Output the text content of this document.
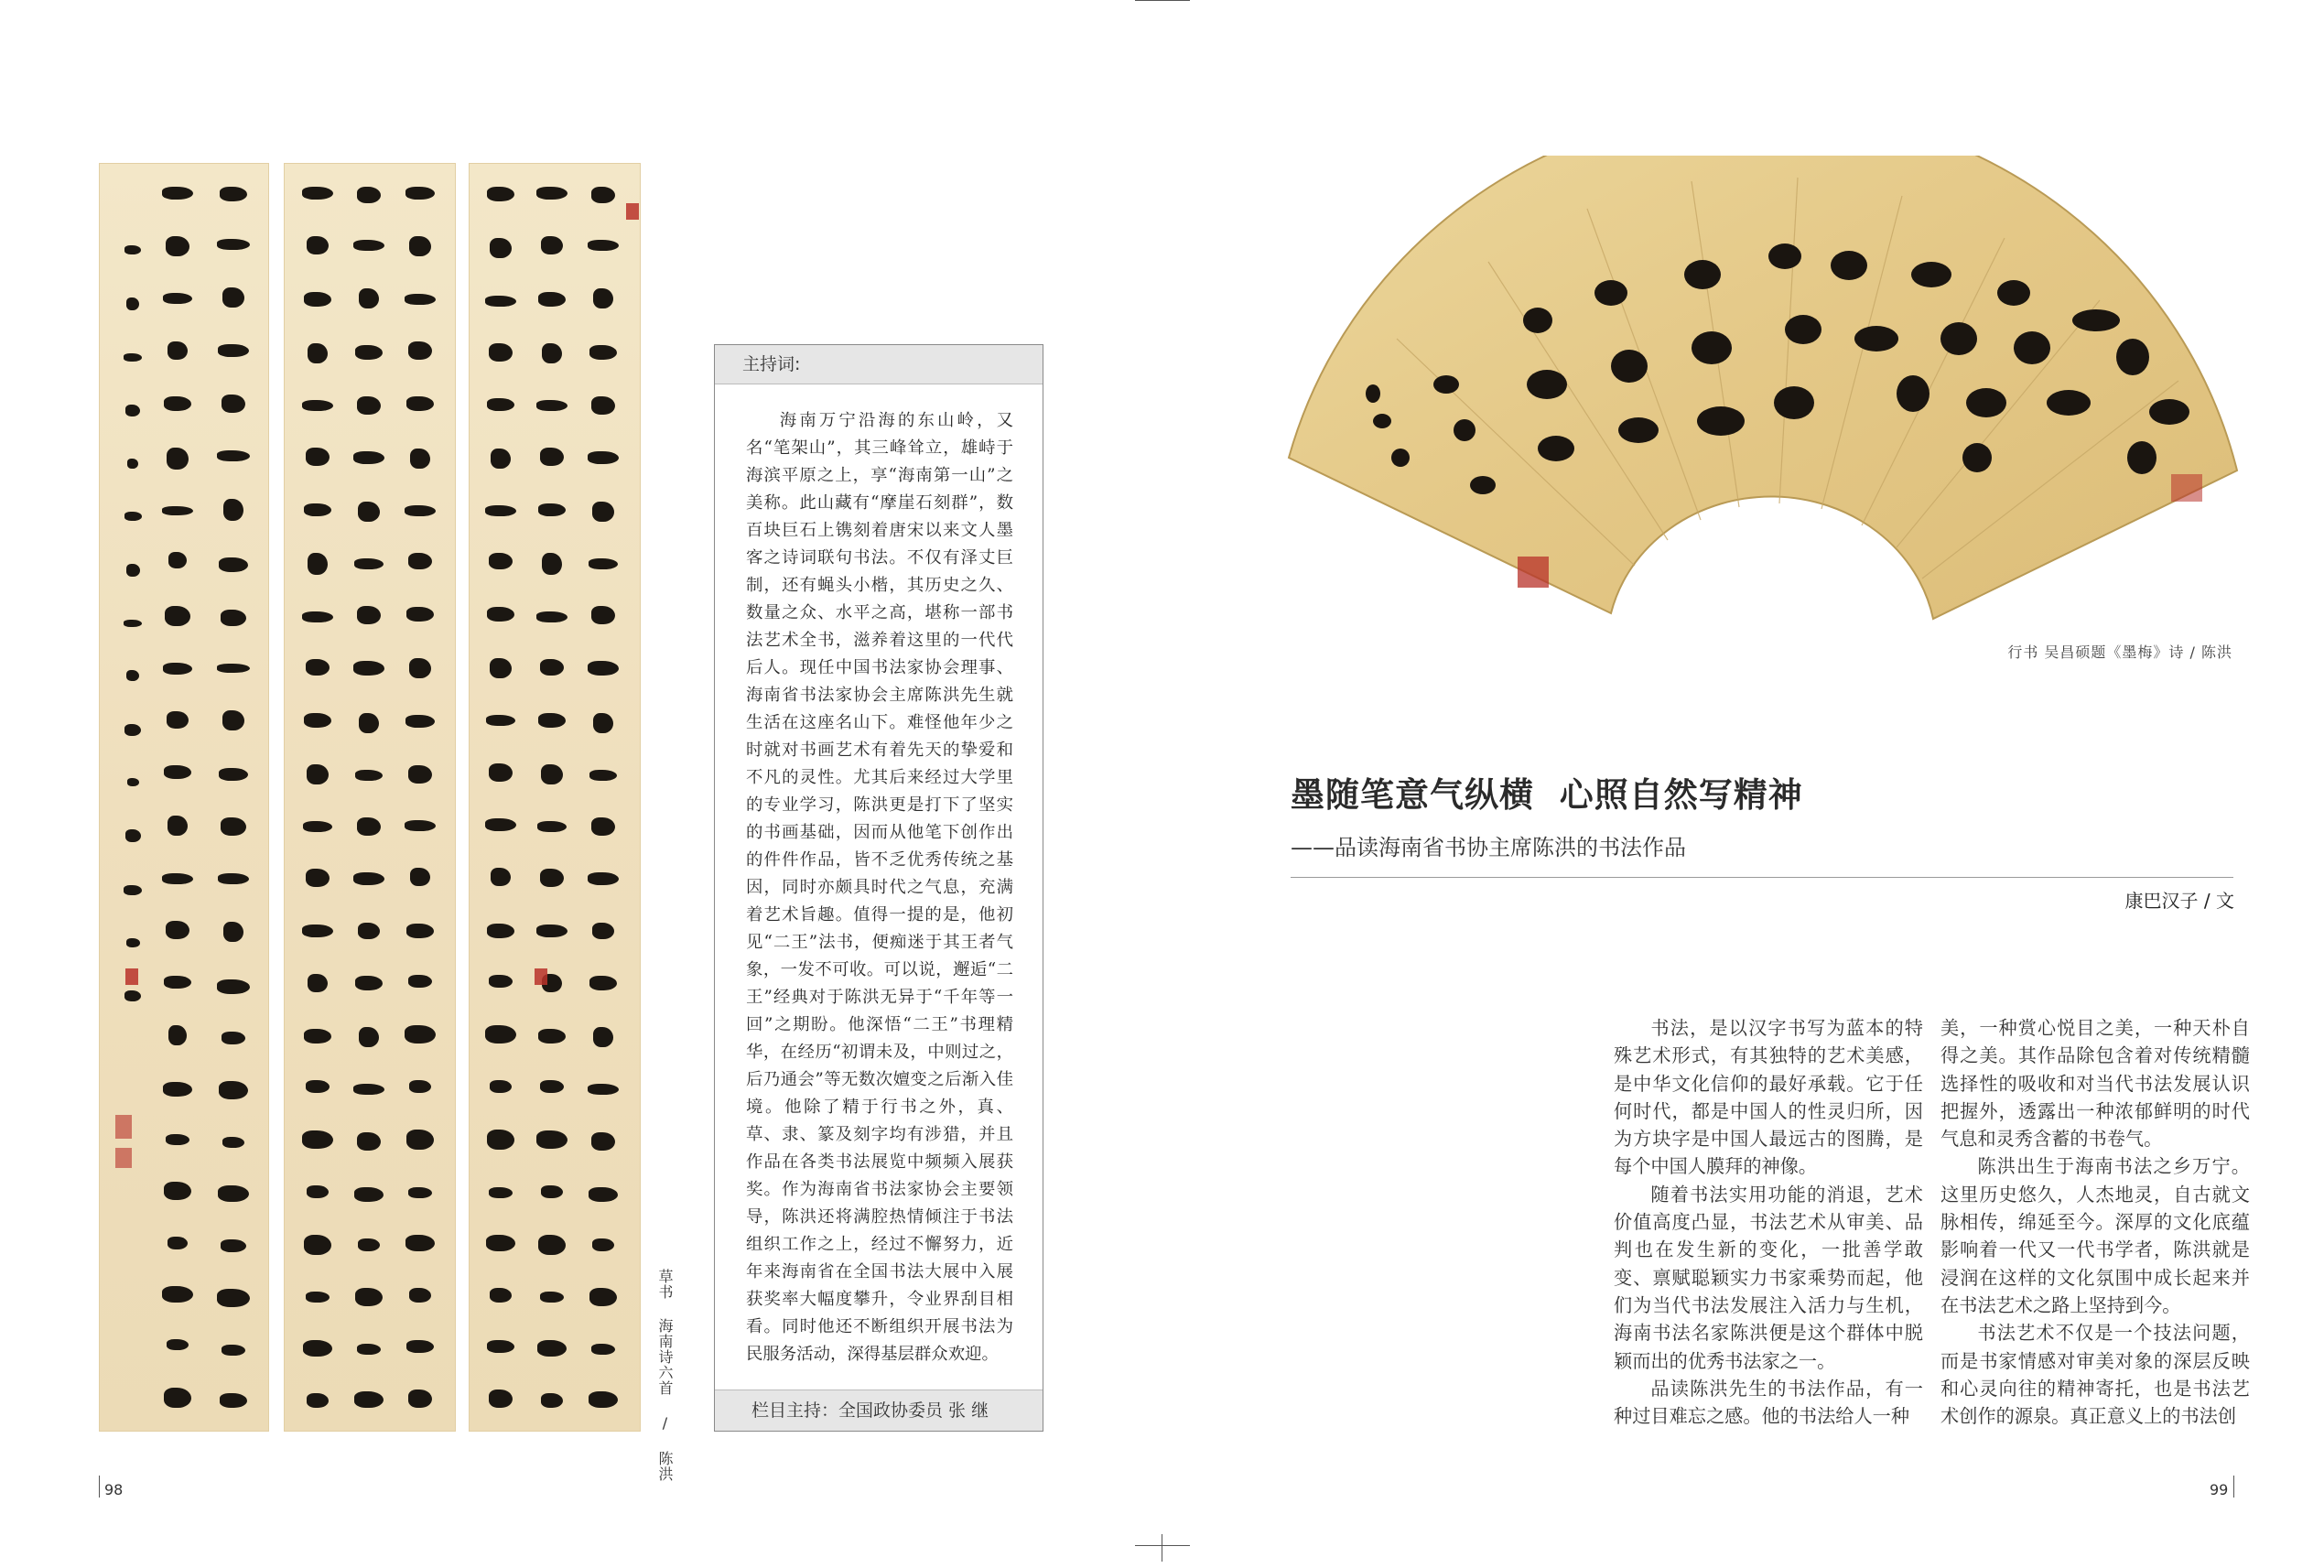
草书 海南诗六首 / 陈洪
主持词:
海南万宁沿海的东山岭，又名“笔架山”，其三峰耸立，雄峙于海滨平原之上，享“海南第一山”之美称。此山藏有“摩崖石刻群”，数百块巨石上镌刻着唐宋以来文人墨客之诗词联句书法。不仅有泽丈巨制，还有蝇头小楷，其历史之久、数量之众、水平之高，堪称一部书法艺术全书，滋养着这里的一代代后人。现任中国书法家协会理事、海南省书法家协会主席陈洪先生就生活在这座名山下。难怪他年少之时就对书画艺术有着先天的挚爱和不凡的灵性。尤其后来经过大学里的专业学习，陈洪更是打下了坚实的书画基础，因而从他笔下创作出的件件作品，皆不乏优秀传统之基因，同时亦颇具时代之气息，充满着艺术旨趣。值得一提的是，他初见“二王”法书，便痴迷于其王者气象，一发不可收。可以说，邂逅“二王”经典对于陈洪无异于“千年等一回”之期盼。他深悟“二王”书理精华，在经历“初谓未及，中则过之，后乃通会”等无数次嬗变之后渐入佳境。他除了精于行书之外，真、草、隶、篆及刻字均有涉猎，并且作品在各类书法展览中频频入展获奖。作为海南省书法家协会主要领导，陈洪还将满腔热情倾注于书法组织工作之上，经过不懈努力，近年来海南省在全国书法大展中入展获奖率大幅度攀升，令业界刮目相看。同时他还不断组织开展书法为民服务活动，深得基层群众欢迎。
栏目主持：全国政协委员 张 继
98
行书 吴昌硕题《墨梅》诗 / 陈洪
墨随笔意气纵横  心照自然写精神
——品读海南省书协主席陈洪的书法作品
康巴汉子 / 文

书法，是以汉字书写为蓝本的特殊艺术形式，有其独特的艺术美感，是中华文化信仰的最好承载。它于任何时代，都是中国人的性灵归所，因为方块字是中国人最远古的图腾，是每个中国人膜拜的神像。

随着书法实用功能的消退，艺术价值高度凸显，书法艺术从审美、品判也在发生新的变化，一批善学敢变、禀赋聪颖实力书家乘势而起，他们为当代书法发展注入活力与生机，海南书法名家陈洪便是这个群体中脱颖而出的优秀书法家之一。

品读陈洪先生的书法作品，有一种过目难忘之感。他的书法给人一种

美，一种赏心悦目之美，一种天朴自得之美。其作品除包含着对传统精髓选择性的吸收和对当代书法发展认识把握外，透露出一种浓郁鲜明的时代气息和灵秀含蓄的书卷气。

陈洪出生于海南书法之乡万宁。这里历史悠久，人杰地灵，自古就文脉相传，绵延至今。深厚的文化底蕴影响着一代又一代书学者，陈洪就是浸润在这样的文化氛围中成长起来并在书法艺术之路上坚持到今。

书法艺术不仅是一个技法问题，而是书家情感对审美对象的深层反映和心灵向往的精神寄托，也是书法艺术创作的源泉。真正意义上的书法创

99
